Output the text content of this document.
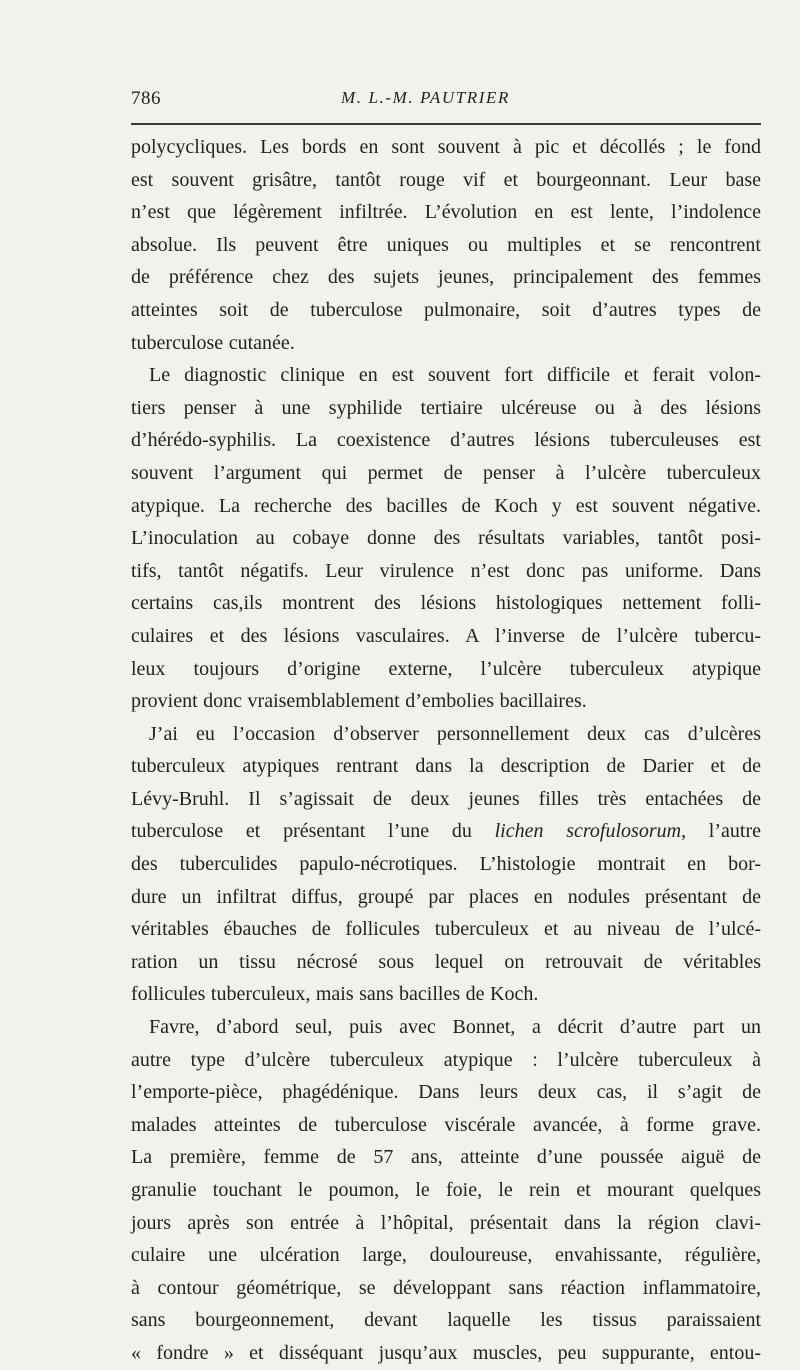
786	M. L.-M. PAUTRIER
polycycliques. Les bords en sont souvent à pic et décollés ; le fond
est souvent grisâtre, tantôt rouge vif et bourgeonnant. Leur base
n’est que légèrement infiltrée. L’évolution en est lente, l’indolence
absolue. Ils peuvent être uniques ou multiples et se rencontrent
de préférence chez des sujets jeunes, principalement des femmes
atteintes soit de tuberculose pulmonaire, soit d’autres types de
tuberculose cutanée.
Le diagnostic clinique en est souvent fort difficile et ferait volon-
tiers penser à une syphilide tertiaire ulcéreuse ou à des lésions
d’hérédo-syphilis. La coexistence d’autres lésions tuberculeuses est
souvent l’argument qui permet de penser à l’ulcère tuberculeux
atypique. La recherche des bacilles de Koch y est souvent négative.
L’inoculation au cobaye donne des résultats variables, tantôt posi-
tifs, tantôt négatifs. Leur virulence n’est donc pas uniforme. Dans
certains cas,ils montrent des lésions histologiques nettement folli-
culaires et des lésions vasculaires. A l’inverse de l’ulcère tubercu-
leux toujours d’origine externe, l’ulcère tuberculeux atypique
provient donc vraisemblablement d’embolies bacillaires.
J’ai eu l’occasion d’observer personnellement deux cas d’ulcères
tuberculeux atypiques rentrant dans la description de Darier et de
Lévy-Bruhl. Il s’agissait de deux jeunes filles très entachées de
tuberculose et présentant l’une du lichen scrofulosorum, l’autre
des tuberculides papulo-nécrotiques. L’histologie montrait en bor-
dure un infiltrat diffus, groupé par places en nodules présentant de
véritables ébauches de follicules tuberculeux et au niveau de l’ulcé-
ration un tissu nécrosé sous lequel on retrouvait de véritables
follicules tuberculeux, mais sans bacilles de Koch.
Favre, d’abord seul, puis avec Bonnet, a décrit d’autre part un
autre type d’ulcère tuberculeux atypique : l’ulcère tuberculeux à
l’emporte-pièce, phagédénique. Dans leurs deux cas, il s’agit de
malades atteintes de tuberculose viscérale avancée, à forme grave.
La première, femme de 57 ans, atteinte d’une poussée aiguë de
granulie touchant le poumon, le foie, le rein et mourant quelques
jours après son entrée à l’hôpital, présentait dans la région clavi-
culaire une ulcération large, douloureuse, envahissante, régulière,
à contour géométrique, se développant sans réaction inflammatoire,
sans bourgeonnement, devant laquelle les tissus paraissaient
« fondre » et disséquant jusqu’aux muscles, peu suppurante, entou-
